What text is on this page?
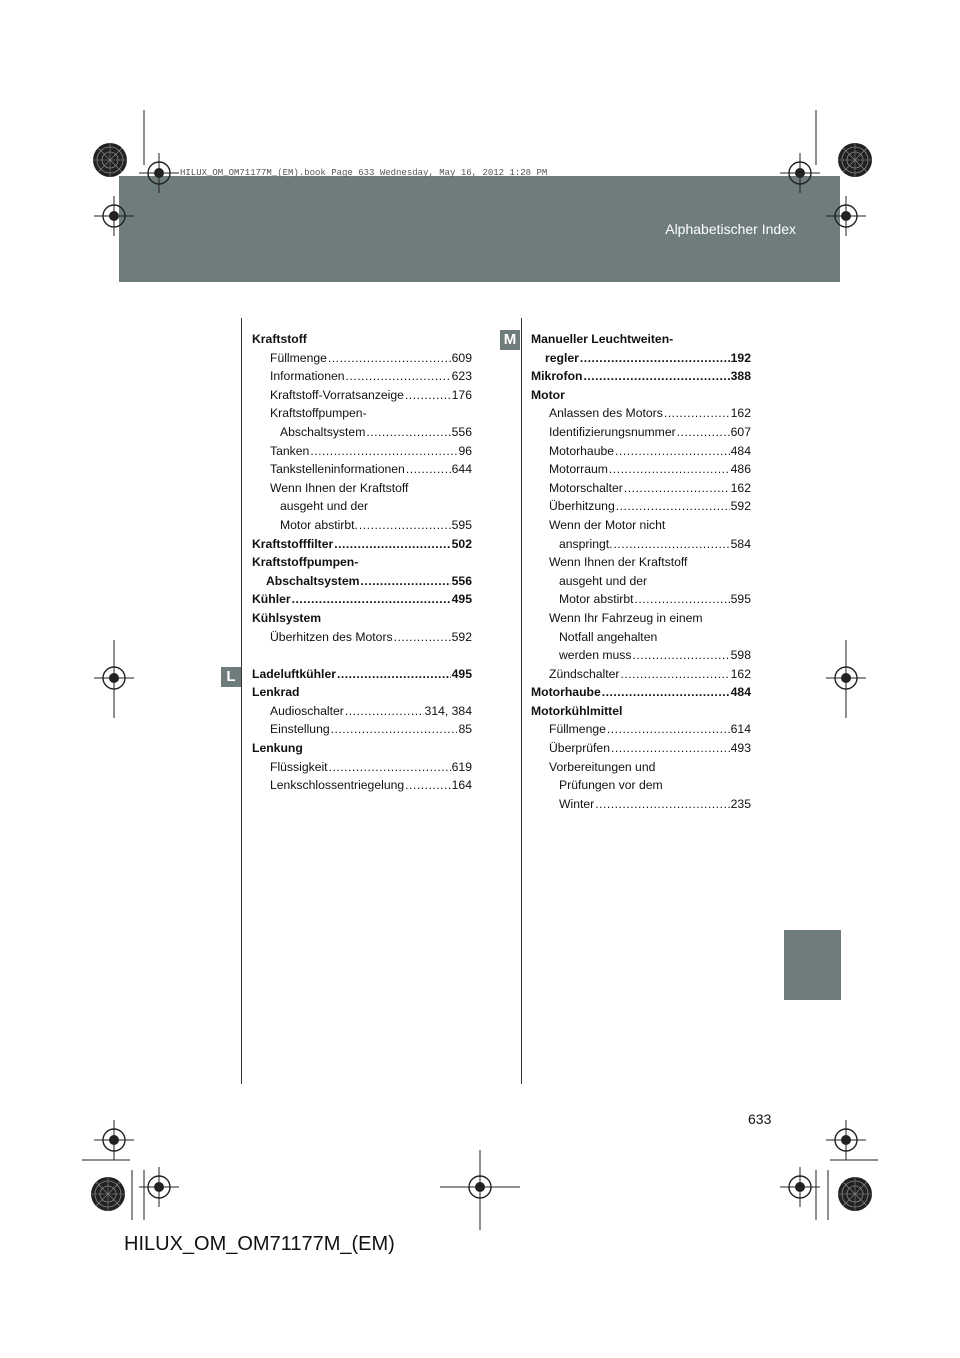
Alphabetischer Index
HILUX_OM_OM71177M_(EM).book Page 633 Wednesday, May 16, 2012 1:28 PM
L
M
Kraftstoff
Füllmenge .....	609
Informationen .....	623
Kraftstoff-Vorratsanzeige .....	176
Kraftstoffpumpen-
Abschaltsystem .....	556
Tanken .....	96
Tankstelleninformationen .....	644
Wenn Ihnen der Kraftstoff
ausgeht und der
Motor abstirbt. .....	595
Kraftstofffilter .....	502
Kraftstoffpumpen-
Abschaltsystem .....	556
Kühler .....	495
Kühlsystem
Überhitzen des Motors .....	592
Ladeluftkühler .....	495
Lenkrad
Audioschalter .....	314, 384
Einstellung .....	85
Lenkung
Flüssigkeit .....	619
Lenkschlossentriegelung .....	164
Manueller Leuchtweiten-
regler .....	192
Mikrofon .....	388
Motor
Anlassen des Motors .....	162
Identifizierungsnummer .....	607
Motorhaube .....	484
Motorraum .....	486
Motorschalter .....	162
Überhitzung .....	592
Wenn der Motor nicht
anspringt. .....	584
Wenn Ihnen der Kraftstoff
ausgeht und der
Motor abstirbt .....	595
Wenn Ihr Fahrzeug in einem
Notfall angehalten
werden muss .....	598
Zündschalter .....	162
Motorhaube .....	484
Motorkühlmittel
Füllmenge .....	614
Überprüfen .....	493
Vorbereitungen und
Prüfungen vor dem
Winter .....	235
633
HILUX_OM_OM71177M_(EM)
